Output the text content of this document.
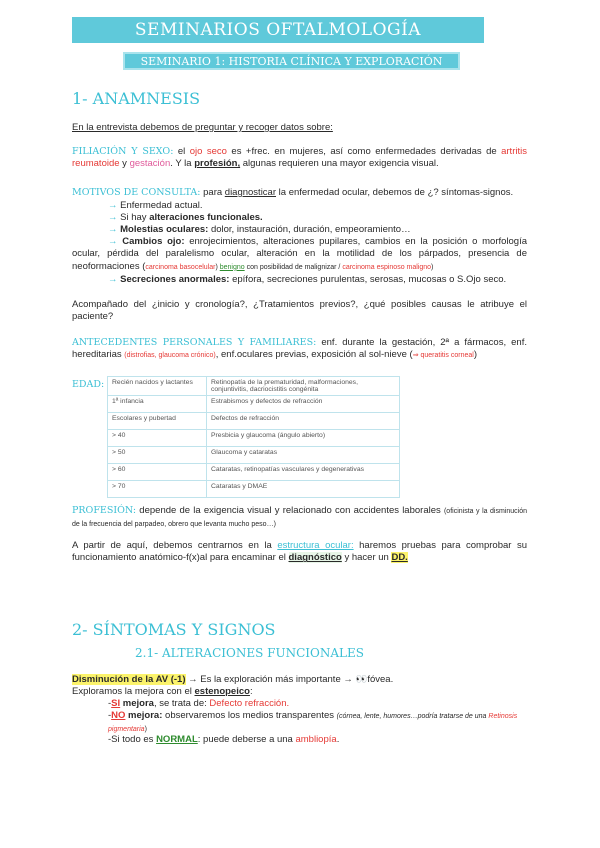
SEMINARIOS OFTALMOLOGÍA
SEMINARIO 1: HISTORIA CLÍNICA Y EXPLORACIÓN VISUAL
1- ANAMNESIS
En la entrevista debemos de preguntar y recoger datos sobre:
FILIACIÓN Y SEXO: el ojo seco es +frec. en mujeres, así como enfermedades derivadas de artritis reumatoide y gestación. Y la profesión, algunas requieren una mayor exigencia visual.
MOTIVOS DE CONSULTA: para diagnosticar la enfermedad ocular, debemos de ¿? síntomas-signos.
→ Enfermedad actual.
→ Si hay alteraciones funcionales.
→ Molestias oculares: dolor, instauración, duración, empeoramiento…
→ Cambios ojo: enrojecimientos, alteraciones pupilares, cambios en la posición o morfología ocular, pérdida del paralelismo ocular, alteración en la motilidad de los párpados, presencia de neoformaciones (carcinoma basocelular) benigno con posibilidad de malignizar / carcinoma espinoso maligno)
→ Secreciones anormales: epífora, secreciones purulentas, serosas, mucosas o S.Ojo seco.
Acompañado del ¿inicio y cronología?, ¿Tratamientos previos?, ¿qué posibles causas le atribuye el paciente?
ANTECEDENTES PERSONALES Y FAMILIARES: enf. durante la gestación, 2ª a fármacos, enf. hereditarias (distrofias, glaucoma crónico), enf.oculares previas, exposición al sol-nieve (⇒ queratitis corneal)
EDAD: Recién nacidos y lactantes	Retinopatía de la prematuridad, malformaciones, conjuntivitis, dacriocistitis congénita
1ª infancia	Estrabismos y defectos de refracción
Escolares y pubertad	Defectos de refracción
> 40	Presbicia y glaucoma (ángulo abierto)
> 50	Glaucoma y cataratas
> 60	Cataratas, retinopatías vasculares y degenerativas
> 70	Cataratas y DMAE
PROFESIÓN: depende de la exigencia visual y relacionado con accidentes laborales (oficinista y la disminución de la frecuencia del parpadeo, obrero que levanta mucho peso…)
A partir de aquí, debemos centrarnos en la estructura ocular: haremos pruebas para comprobar su funcionamiento anatómico-f(x)al para encaminar el diagnóstico y hacer un DD.
2- SÍNTOMAS Y SIGNOS
2.1- ALTERACIONES FUNCIONALES
Disminución de la AV (-1) → Es la exploración más importante → 👀fóvea.
Exploramos la mejora con el estenopeico:
-SI mejora, se trata de: Defecto refracción.
-NO mejora: observaremos los medios transparentes (córnea, lente, humores…podría tratarse de una Retinosis pigmentaria)
-Si todo es NORMAL: puede deberse a una ambliopía.
